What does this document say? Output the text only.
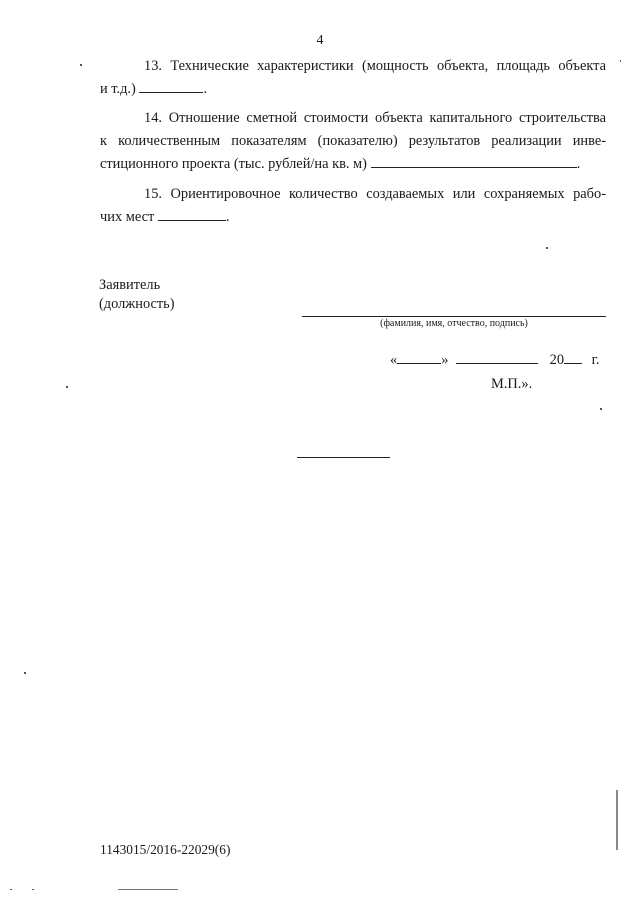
4
13. Технические характеристики (мощность объекта, площадь объекта
и т.д.)	.
14. Отношение сметной стоимости объекта капитального строительства
к количественным показателям (показателю) результатов реализации инве-
стиционного проекта (тыс. рублей/на кв. м)	.
15. Ориентировочное количество создаваемых или сохраняемых рабо-
чих мест	.
Заявитель
(должность)
(фамилия, имя, отчество, подпись)
«	»	20 г.
М.П.».
1143015/2016-22029(6)
